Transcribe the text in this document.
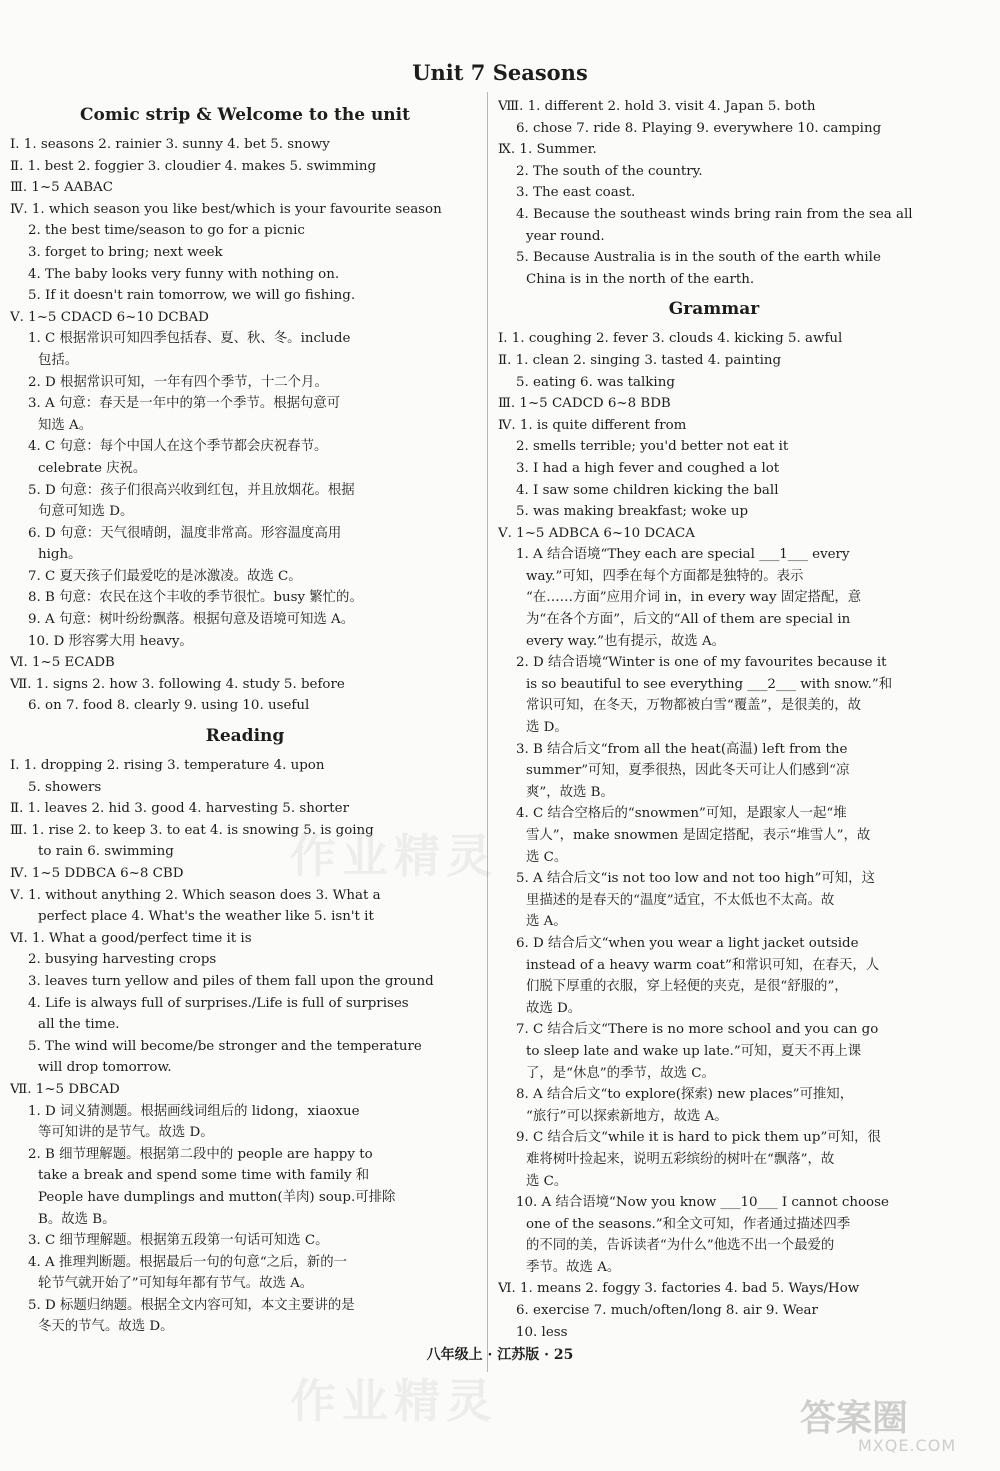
Unit 7 Seasons
Comic strip & Welcome to the unit
Ⅰ. 1. seasons 2. rainier 3. sunny 4. bet 5. snowy
Ⅱ. 1. best 2. foggier 3. cloudier 4. makes 5. swimming
Ⅲ. 1~5 AABAC
Ⅳ. 1. which season you like best/which is your favourite season
2. the best time/season to go for a picnic
3. forget to bring; next week
4. The baby looks very funny with nothing on.
5. If it doesn't rain tomorrow, we will go fishing.
Ⅴ. 1~5 CDACD 6~10 DCBAD
1. C 根据常识可知四季包括春、夏、秋、冬。include
包括。
2. D 根据常识可知，一年有四个季节，十二个月。
3. A 句意：春天是一年中的第一个季节。根据句意可
知选 A。
4. C 句意：每个中国人在这个季节都会庆祝春节。
celebrate 庆祝。
5. D 句意：孩子们很高兴收到红包，并且放烟花。根据
句意可知选 D。
6. D 句意：天气很晴朗，温度非常高。形容温度高用
high。
7. C 夏天孩子们最爱吃的是冰激凌。故选 C。
8. B 句意：农民在这个丰收的季节很忙。busy 繁忙的。
9. A 句意：树叶纷纷飘落。根据句意及语境可知选 A。
10. D 形容雾大用 heavy。
Ⅵ. 1~5 ECADB
Ⅶ. 1. signs 2. how 3. following 4. study 5. before
6. on 7. food 8. clearly 9. using 10. useful
Reading
Ⅰ. 1. dropping 2. rising 3. temperature 4. upon
5. showers
Ⅱ. 1. leaves 2. hid 3. good 4. harvesting 5. shorter
Ⅲ. 1. rise 2. to keep 3. to eat 4. is snowing 5. is going
to rain 6. swimming
Ⅳ. 1~5 DDBCA 6~8 CBD
Ⅴ. 1. without anything 2. Which season does 3. What a
perfect place 4. What's the weather like 5. isn't it
Ⅵ. 1. What a good/perfect time it is
2. busying harvesting crops
3. leaves turn yellow and piles of them fall upon the ground
4. Life is always full of surprises./Life is full of surprises
all the time.
5. The wind will become/be stronger and the temperature
will drop tomorrow.
Ⅶ. 1~5 DBCAD
1. D 词义猜测题。根据画线词组后的 lidong，xiaoxue
等可知讲的是节气。故选 D。
2. B 细节理解题。根据第二段中的 people are happy to
take a break and spend some time with family 和
People have dumplings and mutton(羊肉) soup.可排除
B。故选 B。
3. C 细节理解题。根据第五段第一句话可知选 C。
4. A 推理判断题。根据最后一句的句意“之后，新的一
轮节气就开始了”可知每年都有节气。故选 A。
5. D 标题归纳题。根据全文内容可知，本文主要讲的是
冬天的节气。故选 D。
Ⅷ. 1. different 2. hold 3. visit 4. Japan 5. both
6. chose 7. ride 8. Playing 9. everywhere 10. camping
Ⅸ. 1. Summer.
2. The south of the country.
3. The east coast.
4. Because the southeast winds bring rain from the sea all
year round.
5. Because Australia is in the south of the earth while
China is in the north of the earth.
Grammar
Ⅰ. 1. coughing 2. fever 3. clouds 4. kicking 5. awful
Ⅱ. 1. clean 2. singing 3. tasted 4. painting
5. eating 6. was talking
Ⅲ. 1~5 CADCD 6~8 BDB
Ⅳ. 1. is quite different from
2. smells terrible; you'd better not eat it
3. I had a high fever and coughed a lot
4. I saw some children kicking the ball
5. was making breakfast; woke up
Ⅴ. 1~5 ADBCA 6~10 DCACA
1. A 结合语境“They each are special ___1___ every
way.”可知，四季在每个方面都是独特的。表示
“在……方面”应用介词 in，in every way 固定搭配，意
为“在各个方面”，后文的“All of them are special in
every way.”也有提示，故选 A。
2. D 结合语境“Winter is one of my favourites because it
is so beautiful to see everything ___2___ with snow.”和
常识可知，在冬天，万物都被白雪“覆盖”，是很美的，故
选 D。
3. B 结合后文“from all the heat(高温) left from the
summer”可知，夏季很热，因此冬天可让人们感到“凉
爽”，故选 B。
4. C 结合空格后的“snowmen”可知，是跟家人一起“堆
雪人”，make snowmen 是固定搭配，表示“堆雪人”，故
选 C。
5. A 结合后文“is not too low and not too high”可知，这
里描述的是春天的“温度”适宜，不太低也不太高。故
选 A。
6. D 结合后文“when you wear a light jacket outside
instead of a heavy warm coat”和常识可知，在春天，人
们脱下厚重的衣服，穿上轻便的夹克，是很“舒服的”，
故选 D。
7. C 结合后文“There is no more school and you can go
to sleep late and wake up late.”可知，夏天不再上课
了，是“休息”的季节，故选 C。
8. A 结合后文“to explore(探索) new places”可推知，
“旅行”可以探索新地方，故选 A。
9. C 结合后文“while it is hard to pick them up”可知，很
难将树叶捡起来，说明五彩缤纷的树叶在“飘落”，故
选 C。
10. A 结合语境“Now you know ___10___ I cannot choose
one of the seasons.”和全文可知，作者通过描述四季
的不同的美，告诉读者“为什么”他选不出一个最爱的
季节。故选 A。
Ⅵ. 1. means 2. foggy 3. factories 4. bad 5. Ways/How
6. exercise 7. much/often/long 8. air 9. Wear
10. less
作业精灵
作业精灵
八年级上 · 江苏版 · 25
答案圈
MXQE.COM
